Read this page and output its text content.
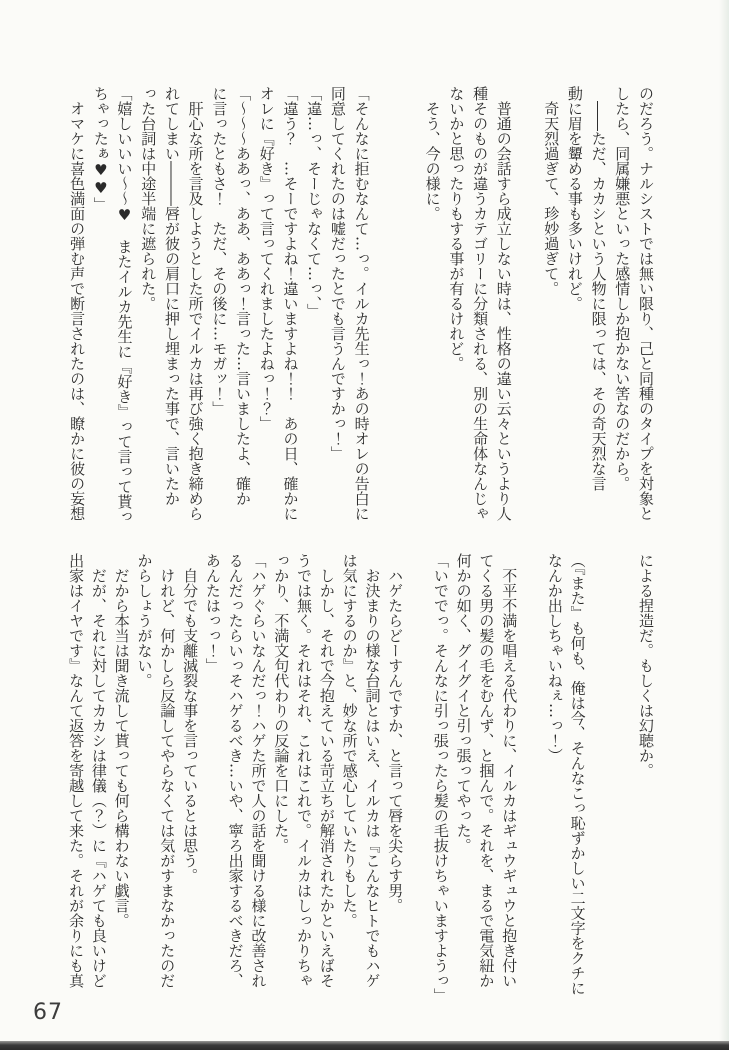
のだろう。ナルシストでは無い限り、己と同種のタイプを対象と
したら、同属嫌悪といった感情しか抱かない筈なのだから。
　――ただ、カカシという人物に限っては、その奇天烈な言
動に眉を顰める事も多いけれど。
　奇天烈過ぎて、珍妙過ぎて。

　普通の会話すら成立しない時は、性格の違い云々というより人
種そのものが違うカテゴリーに分類される、別の生命体なんじゃ
ないかと思ったりもする事が有るけれど。
　そう、今の様に。

「そんなに拒むなんて…っ。イルカ先生っ！あの時オレの告白に
同意してくれたのは嘘だったとでも言うんですかっ！」
「違…っ、そーじゃなくて…っ、」
「違う？　…そーですよね！違いますよね！！　あの日、確かに
オレに『好き』って言ってくれましたよねっ！？」
「～～～ああっ、ああ、ああっ！言った…言いましたよ、確か
に言ったともさ！　ただ、その後に…モガッ！」
　肝心な所を言及しようとした所でイルカは再び強く抱き締めら
れてしまい―――唇が彼の肩口に押し埋まった事で、言いたか
った台詞は中途半端に遮られた。
「嬉しいいい～～♥　またイルカ先生に『好き』って言って貰っ
ちゃったぁ♥♥」
　オマケに喜色満面の弾む声で断言されたのは、瞭かに彼の妄想
による捏造だ。もしくは幻聴か。

（『また』も何も、俺は今、そんなこっ恥ずかしい二文字をクチに
なんか出しちゃいねぇ…っ！）

　不平不満を唱える代わりに、イルカはギュウギュウと抱き付い
てくる男の髪の毛をむんず、と掴んで。それを、まるで電気紐か
何かの如く、グイグイと引っ張ってやった。
「いででっ。そんなに引っ張ったら髪の毛抜けちゃいますようっ」

　ハゲたらどーすんですか、と言って唇を尖らす男。
　お決まりの様な台詞とはいえ、イルカは『こんなヒトでもハゲ
は気にするのか』と、妙な所で感心していたりもした。
　しかし、それで今抱えている苛立ちが解消されたかといえばそ
うでは無く。それはそれ、これはこれで。イルカはしっかりちゃ
っかり、不満文句代わりの反論を口にした。
「ハゲぐらいなんだっ！ハゲた所で人の話を聞ける様に改善され
るんだったらいっそハゲるべき…いや、寧ろ出家するべきだろ、
あんたはっっ！」
　自分でも支離滅裂な事を言っているとは思う。
　けれど、何かしら反論してやらなくては気がすまなかったのだ
からしょうがない。
　だから本当は聞き流して貰っても何ら構わない戯言。
　だが、それに対してカカシは律儀（？）に『ハゲても良いけど
出家はイヤです』なんて返答を寄越して来た。それが余りにも真
67
